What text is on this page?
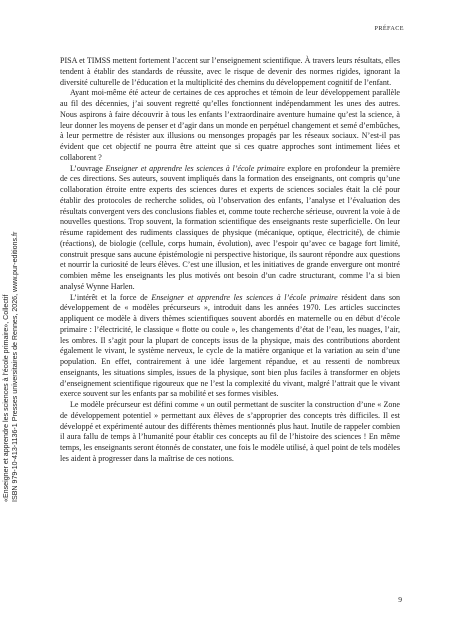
PRÉFACE

PISA et TIMSS mettent fortement l’accent sur l’enseignement scientifique. À travers leurs résultats, elles tendent à établir des standards de réussite, avec le risque de devenir des normes rigides, ignorant la diversité culturelle de l’éducation et la multiplicité des chemins du développement cognitif de l’enfant.

Ayant moi-même été acteur de certaines de ces approches et témoin de leur développement parallèle au fil des décennies, j’ai souvent regretté qu’elles fonctionnent indépendamment les unes des autres. Nous aspirons à faire découvrir à tous les enfants l’extraordinaire aventure humaine qu’est la science, à leur donner les moyens de penser et d’agir dans un monde en perpétuel changement et semé d’embûches, à leur permettre de résister aux illusions ou mensonges propagés par les réseaux sociaux. N’est-il pas évident que cet objectif ne pourra être atteint que si ces quatre approches sont intimement liées et collaborent ?

L’ouvrage Enseigner et apprendre les sciences à l’école primaire explore en profondeur la première de ces directions. Ses auteurs, souvent impliqués dans la formation des enseignants, ont compris qu’une collaboration étroite entre experts des sciences dures et experts de sciences sociales était la clé pour établir des protocoles de recherche solides, où l’observation des enfants, l’analyse et l’évaluation des résultats convergent vers des conclusions fiables et, comme toute recherche sérieuse, ouvrent la voie à de nouvelles questions. Trop souvent, la formation scientifique des enseignants reste superficielle. On leur résume rapidement des rudiments classiques de physique (mécanique, optique, électricité), de chimie (réactions), de biologie (cellule, corps humain, évolution), avec l’espoir qu’avec ce bagage fort limité, construit presque sans aucune épistémologie ni perspective historique, ils sauront répondre aux questions et nourrir la curiosité de leurs élèves. C’est une illusion, et les initiatives de grande envergure ont montré combien même les enseignants les plus motivés ont besoin d’un cadre structurant, comme l’a si bien analysé Wynne Harlen.

L’intérêt et la force de Enseigner et apprendre les sciences à l’école primaire résident dans son développement de « modèles précurseurs », introduit dans les années 1970. Les articles succinctes appliquent ce modèle à divers thèmes scientifiques souvent abordés en maternelle ou en début d’école primaire : l’électricité, le classique « flotte ou coule », les changements d’état de l’eau, les nuages, l’air, les ombres. Il s’agit pour la plupart de concepts issus de la physique, mais des contributions abordent également le vivant, le système nerveux, le cycle de la matière organique et la variation au sein d’une population. En effet, contrairement à une idée largement répandue, et au ressenti de nombreux enseignants, les situations simples, issues de la physique, sont bien plus faciles à transformer en objets d’enseignement scientifique rigoureux que ne l’est la complexité du vivant, malgré l’attrait que le vivant exerce souvent sur les enfants par sa mobilité et ses formes visibles.

Le modèle précurseur est défini comme « un outil permettant de susciter la construction d’une « Zone de développement potentiel » permettant aux élèves de s’approprier des concepts très difficiles. Il est développé et expérimenté autour des différents thèmes mentionnés plus haut. Inutile de rappeler combien il aura fallu de temps à l’humanité pour établir ces concepts au fil de l’histoire des sciences ! En même temps, les enseignants seront étonnés de constater, une fois le modèle utilisé, à quel point de tels modèles les aident à progresser dans la maîtrise de ces notions.

9
«Enseigner et apprendre les sciences à l’école primaire», Collectif ISBN 979-10-413-1136-1 Presses universitaires de Rennes, 2026, www.pur-editions.fr
